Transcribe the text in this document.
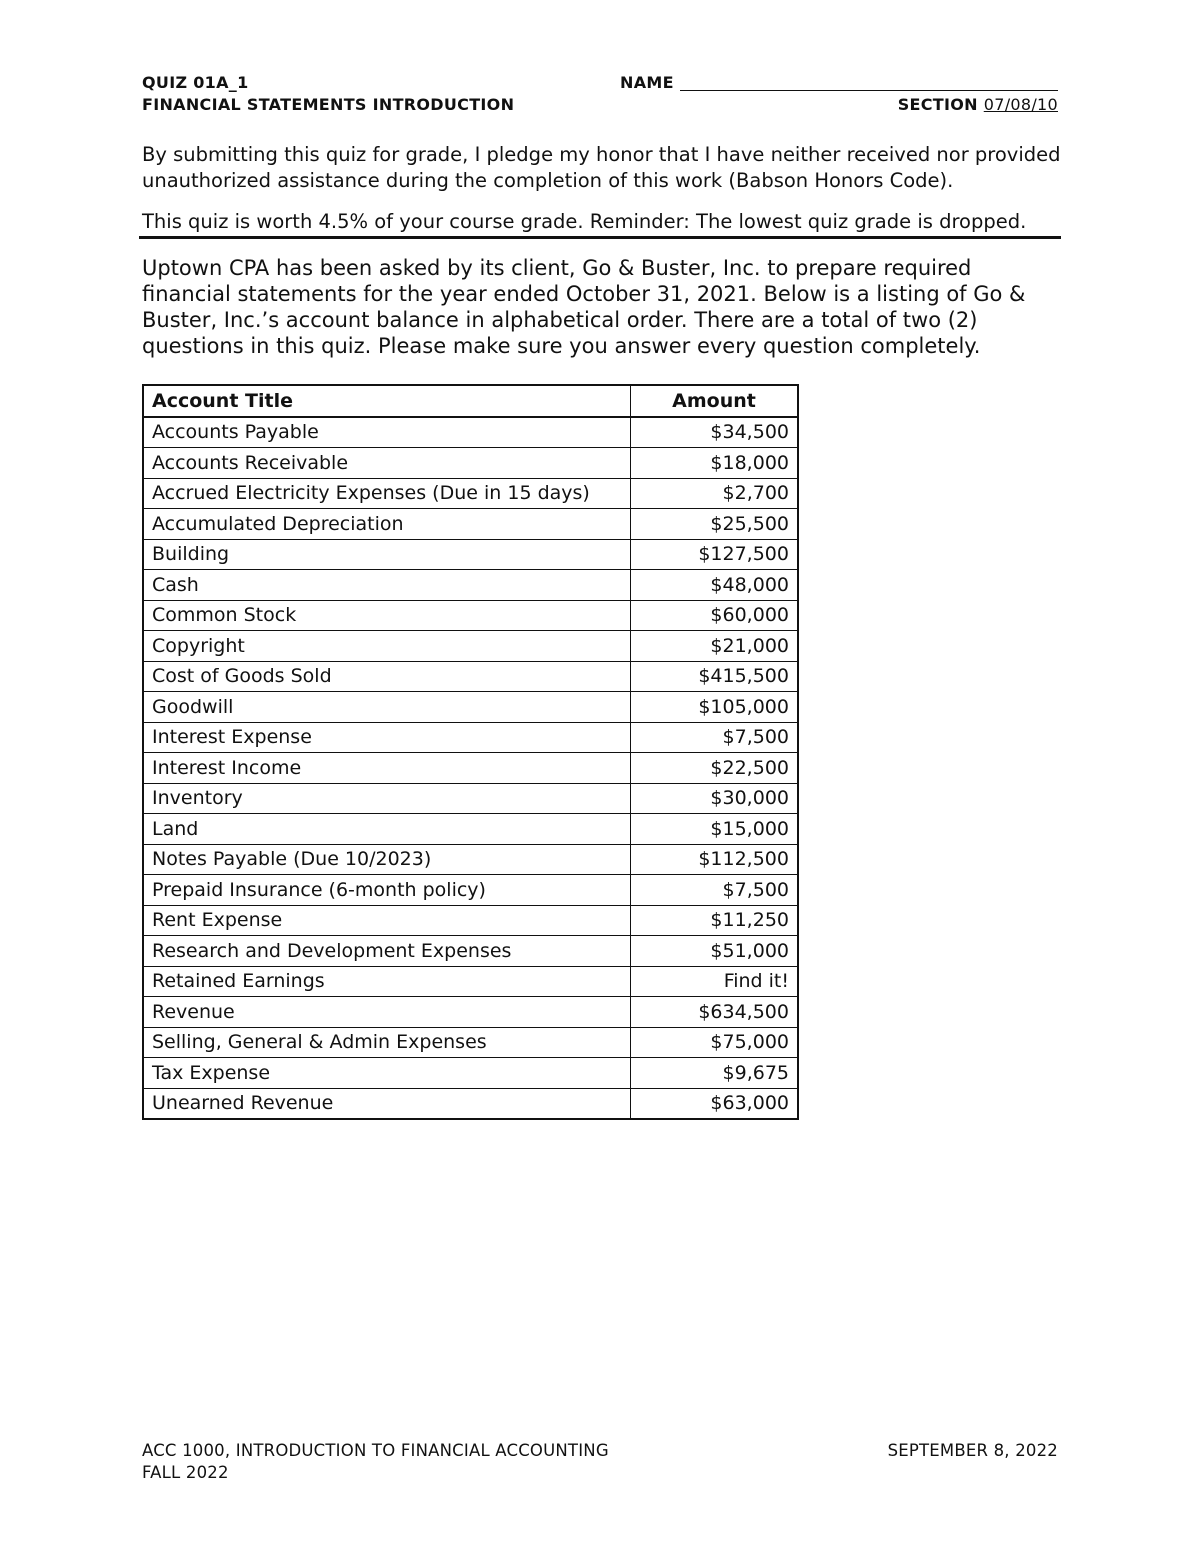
QUIZ 01A_1
FINANCIAL STATEMENTS INTRODUCTION
NAME
SECTION 07/08/10
By submitting this quiz for grade, I pledge my honor that I have neither received nor provided unauthorized assistance during the completion of this work (Babson Honors Code).
This quiz is worth 4.5% of your course grade. Reminder: The lowest quiz grade is dropped.
Uptown CPA has been asked by its client, Go & Buster, Inc. to prepare required financial statements for the year ended October 31, 2021. Below is a listing of Go & Buster, Inc.’s account balance in alphabetical order. There are a total of two (2) questions in this quiz. Please make sure you answer every question completely.
Account Title	Amount
Accounts Payable	$34,500
Accounts Receivable	$18,000
Accrued Electricity Expenses (Due in 15 days)	$2,700
Accumulated Depreciation	$25,500
Building	$127,500
Cash	$48,000
Common Stock	$60,000
Copyright	$21,000
Cost of Goods Sold	$415,500
Goodwill	$105,000
Interest Expense	$7,500
Interest Income	$22,500
Inventory	$30,000
Land	$15,000
Notes Payable (Due 10/2023)	$112,500
Prepaid Insurance (6-month policy)	$7,500
Rent Expense	$11,250
Research and Development Expenses	$51,000
Retained Earnings	Find it!
Revenue	$634,500
Selling, General & Admin Expenses	$75,000
Tax Expense	$9,675
Unearned Revenue	$63,000
ACC 1000, INTRODUCTION TO FINANCIAL ACCOUNTING
FALL 2022
SEPTEMBER 8, 2022
